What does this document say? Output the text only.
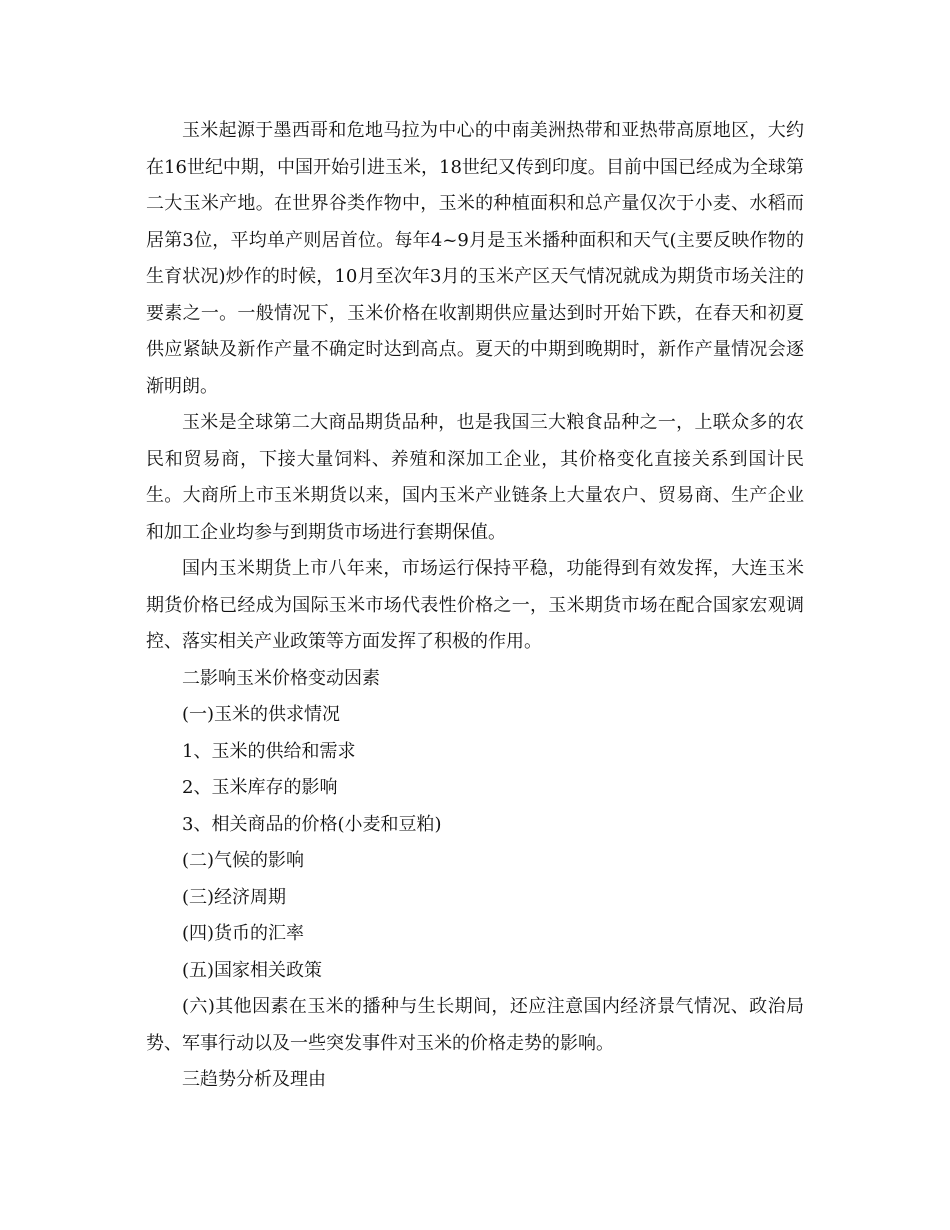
玉米起源于墨西哥和危地马拉为中心的中南美洲热带和亚热带高原地区，大约在16世纪中期，中国开始引进玉米，18世纪又传到印度。目前中国已经成为全球第二大玉米产地。在世界谷类作物中，玉米的种植面积和总产量仅次于小麦、水稻而居第3位，平均单产则居首位。每年4~9月是玉米播种面积和天气(主要反映作物的生育状况)炒作的时候，10月至次年3月的玉米产区天气情况就成为期货市场关注的要素之一。一般情况下，玉米价格在收割期供应量达到时开始下跌，在春天和初夏供应紧缺及新作产量不确定时达到高点。夏天的中期到晚期时，新作产量情况会逐渐明朗。

玉米是全球第二大商品期货品种，也是我国三大粮食品种之一，上联众多的农民和贸易商，下接大量饲料、养殖和深加工企业，其价格变化直接关系到国计民生。大商所上市玉米期货以来，国内玉米产业链条上大量农户、贸易商、生产企业和加工企业均参与到期货市场进行套期保值。

国内玉米期货上市八年来，市场运行保持平稳，功能得到有效发挥，大连玉米期货价格已经成为国际玉米市场代表性价格之一，玉米期货市场在配合国家宏观调控、落实相关产业政策等方面发挥了积极的作用。

二影响玉米价格变动因素

(一)玉米的供求情况

1、玉米的供给和需求

2、玉米库存的影响

3、相关商品的价格(小麦和豆粕)

(二)气候的影响

(三)经济周期

(四)货币的汇率

(五)国家相关政策

(六)其他因素在玉米的播种与生长期间，还应注意国内经济景气情况、政治局势、军事行动以及一些突发事件对玉米的价格走势的影响。

三趋势分析及理由
